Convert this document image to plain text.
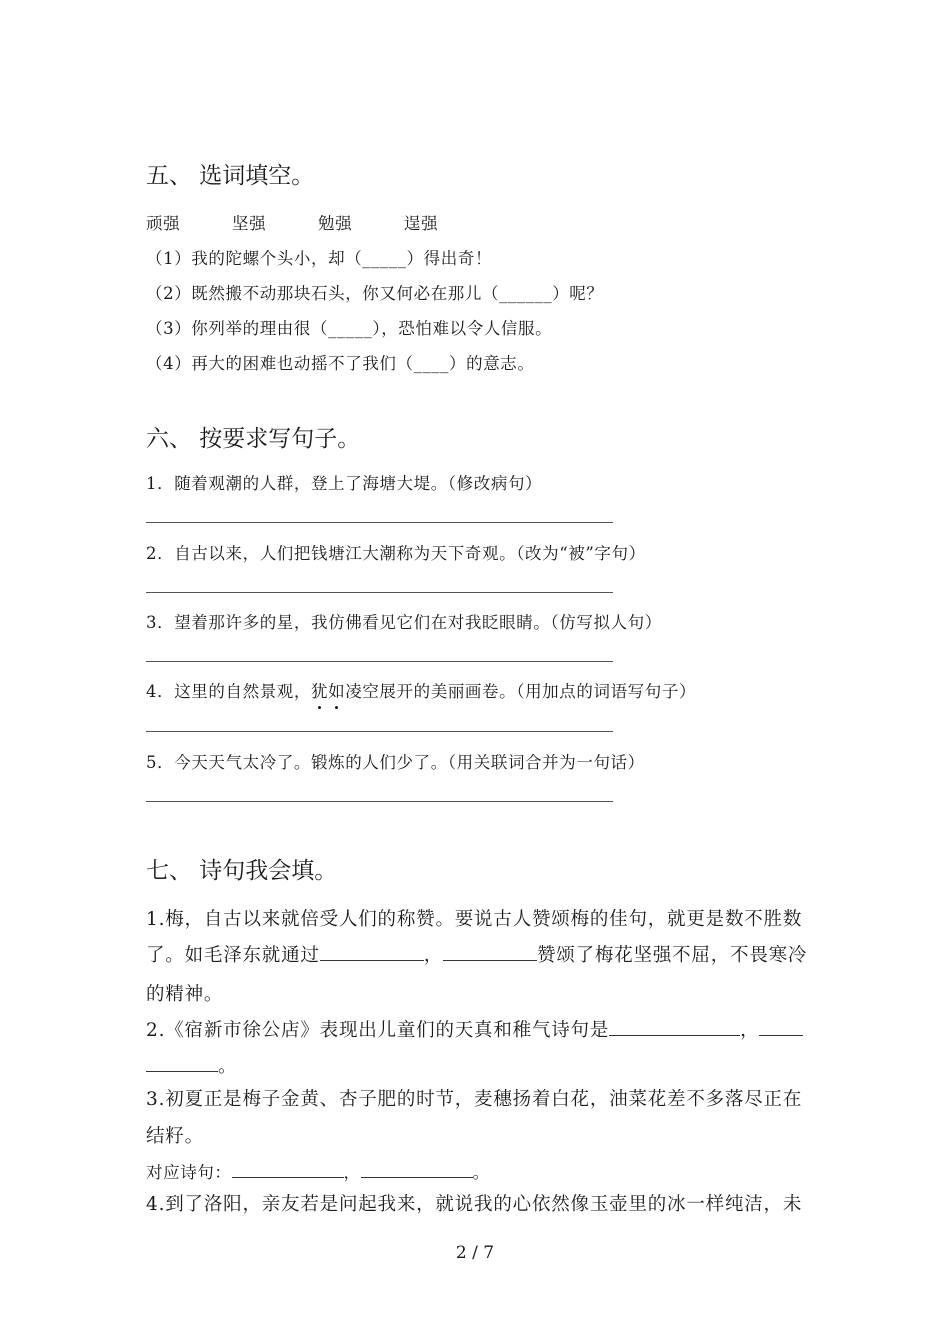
五、 选词填空。
顽强	坚强	勉强	逞强
（1）我的陀螺个头小，却（_____）得出奇！
（2）既然搬不动那块石头，你又何必在那儿（______）呢？
（3）你列举的理由很（_____），恐怕难以令人信服。
（4）再大的困难也动摇不了我们（____）的意志。
六、 按要求写句子。
1．随着观潮的人群，登上了海塘大堤。（修改病句）
2．自古以来，人们把钱塘江大潮称为天下奇观。（改为“被”字句）
3．望着那许多的星，我仿佛看见它们在对我眨眼睛。（仿写拟人句）
4．这里的自然景观，犹如凌空展开的美丽画卷。（用加点的词语写句子）
5．今天天气太冷了。锻炼的人们少了。（用关联词合并为一句话）
七、 诗句我会填。
1.梅，自古以来就倍受人们的称赞。要说古人赞颂梅的佳句，就更是数不胜数
了。如毛泽东就通过	，	赞颂了梅花坚强不屈，不畏寒冷
的精神。
2.《宿新市徐公店》表现出儿童们的天真和稚气诗句是	，
。
3.初夏正是梅子金黄、杏子肥的时节，麦穗扬着白花，油菜花差不多落尽正在
结籽。
对应诗句：	，	。
4.到了洛阳，亲友若是问起我来，就说我的心依然像玉壶里的冰一样纯洁，未
2 / 7
